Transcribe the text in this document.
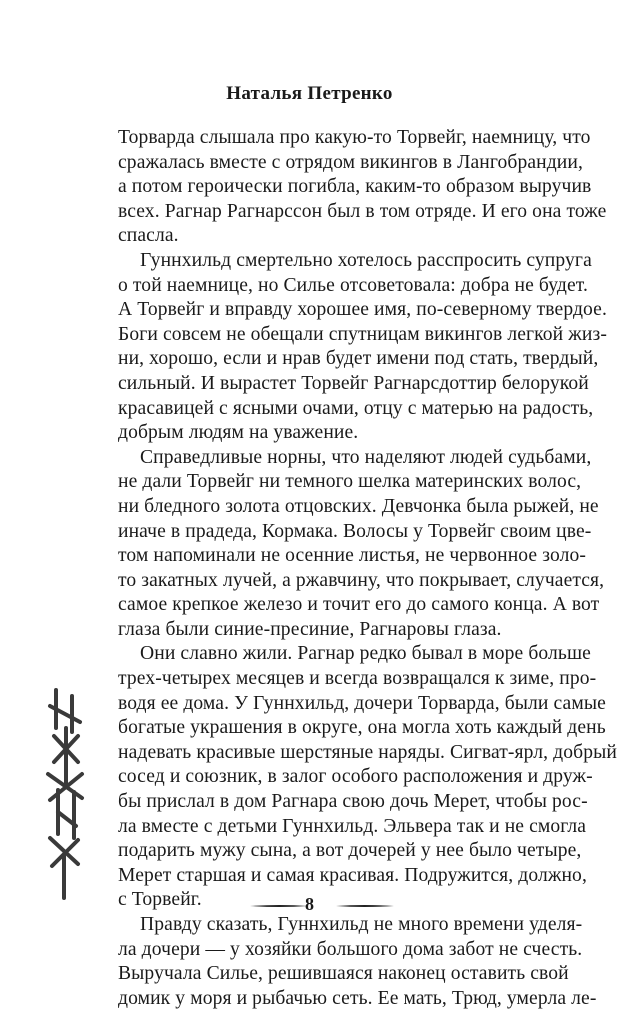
Наталья Петренко
Торварда слышала про какую-то Торвейг, наемницу, что
сражалась вместе с отрядом викингов в Лангобрандии,
а потом героически погибла, каким-то образом выручив
всех. Рагнар Рагнарссон был в том отряде. И его она тоже
спасла.
Гуннхильд смертельно хотелось расспросить супруга
о той наемнице, но Силье отсоветовала: добра не будет.
А Торвейг и вправду хорошее имя, по-северному твердое.
Боги совсем не обещали спутницам викингов легкой жиз-
ни, хорошо, если и нрав будет имени под стать, твердый,
сильный. И вырастет Торвейг Рагнарсдоттир белорукой
красавицей с ясными очами, отцу с матерью на радость,
добрым людям на уважение.
Справедливые норны, что наделяют людей судьбами,
не дали Торвейг ни темного шелка материнских волос,
ни бледного золота отцовских. Девчонка была рыжей, не
иначе в прадеда, Кормака. Волосы у Торвейг своим цве-
том напоминали не осенние листья, не червонное золо-
то закатных лучей, а ржавчину, что покрывает, случается,
самое крепкое железо и точит его до самого конца. А вот
глаза были синие-пресиние, Рагнаровы глаза.
Они славно жили. Рагнар редко бывал в море больше
трех-четырех месяцев и всегда возвращался к зиме, про-
водя ее дома. У Гуннхильд, дочери Торварда, были самые
богатые украшения в округе, она могла хоть каждый день
надевать красивые шерстяные наряды. Сигват-ярл, добрый
сосед и союзник, в залог особого расположения и друж-
бы прислал в дом Рагнара свою дочь Мерет, чтобы рос-
ла вместе с детьми Гуннхильд. Эльвера так и не смогла
подарить мужу сына, а вот дочерей у нее было четыре,
Мерет старшая и самая красивая. Подружится, должно,
с Торвейг.
Правду сказать, Гуннхильд не много времени уделя-
ла дочери — у хозяйки большого дома забот не счесть.
Выручала Силье, решившаяся наконец оставить свой
домик у моря и рыбачью сеть. Ее мать, Трюд, умерла ле-
8
